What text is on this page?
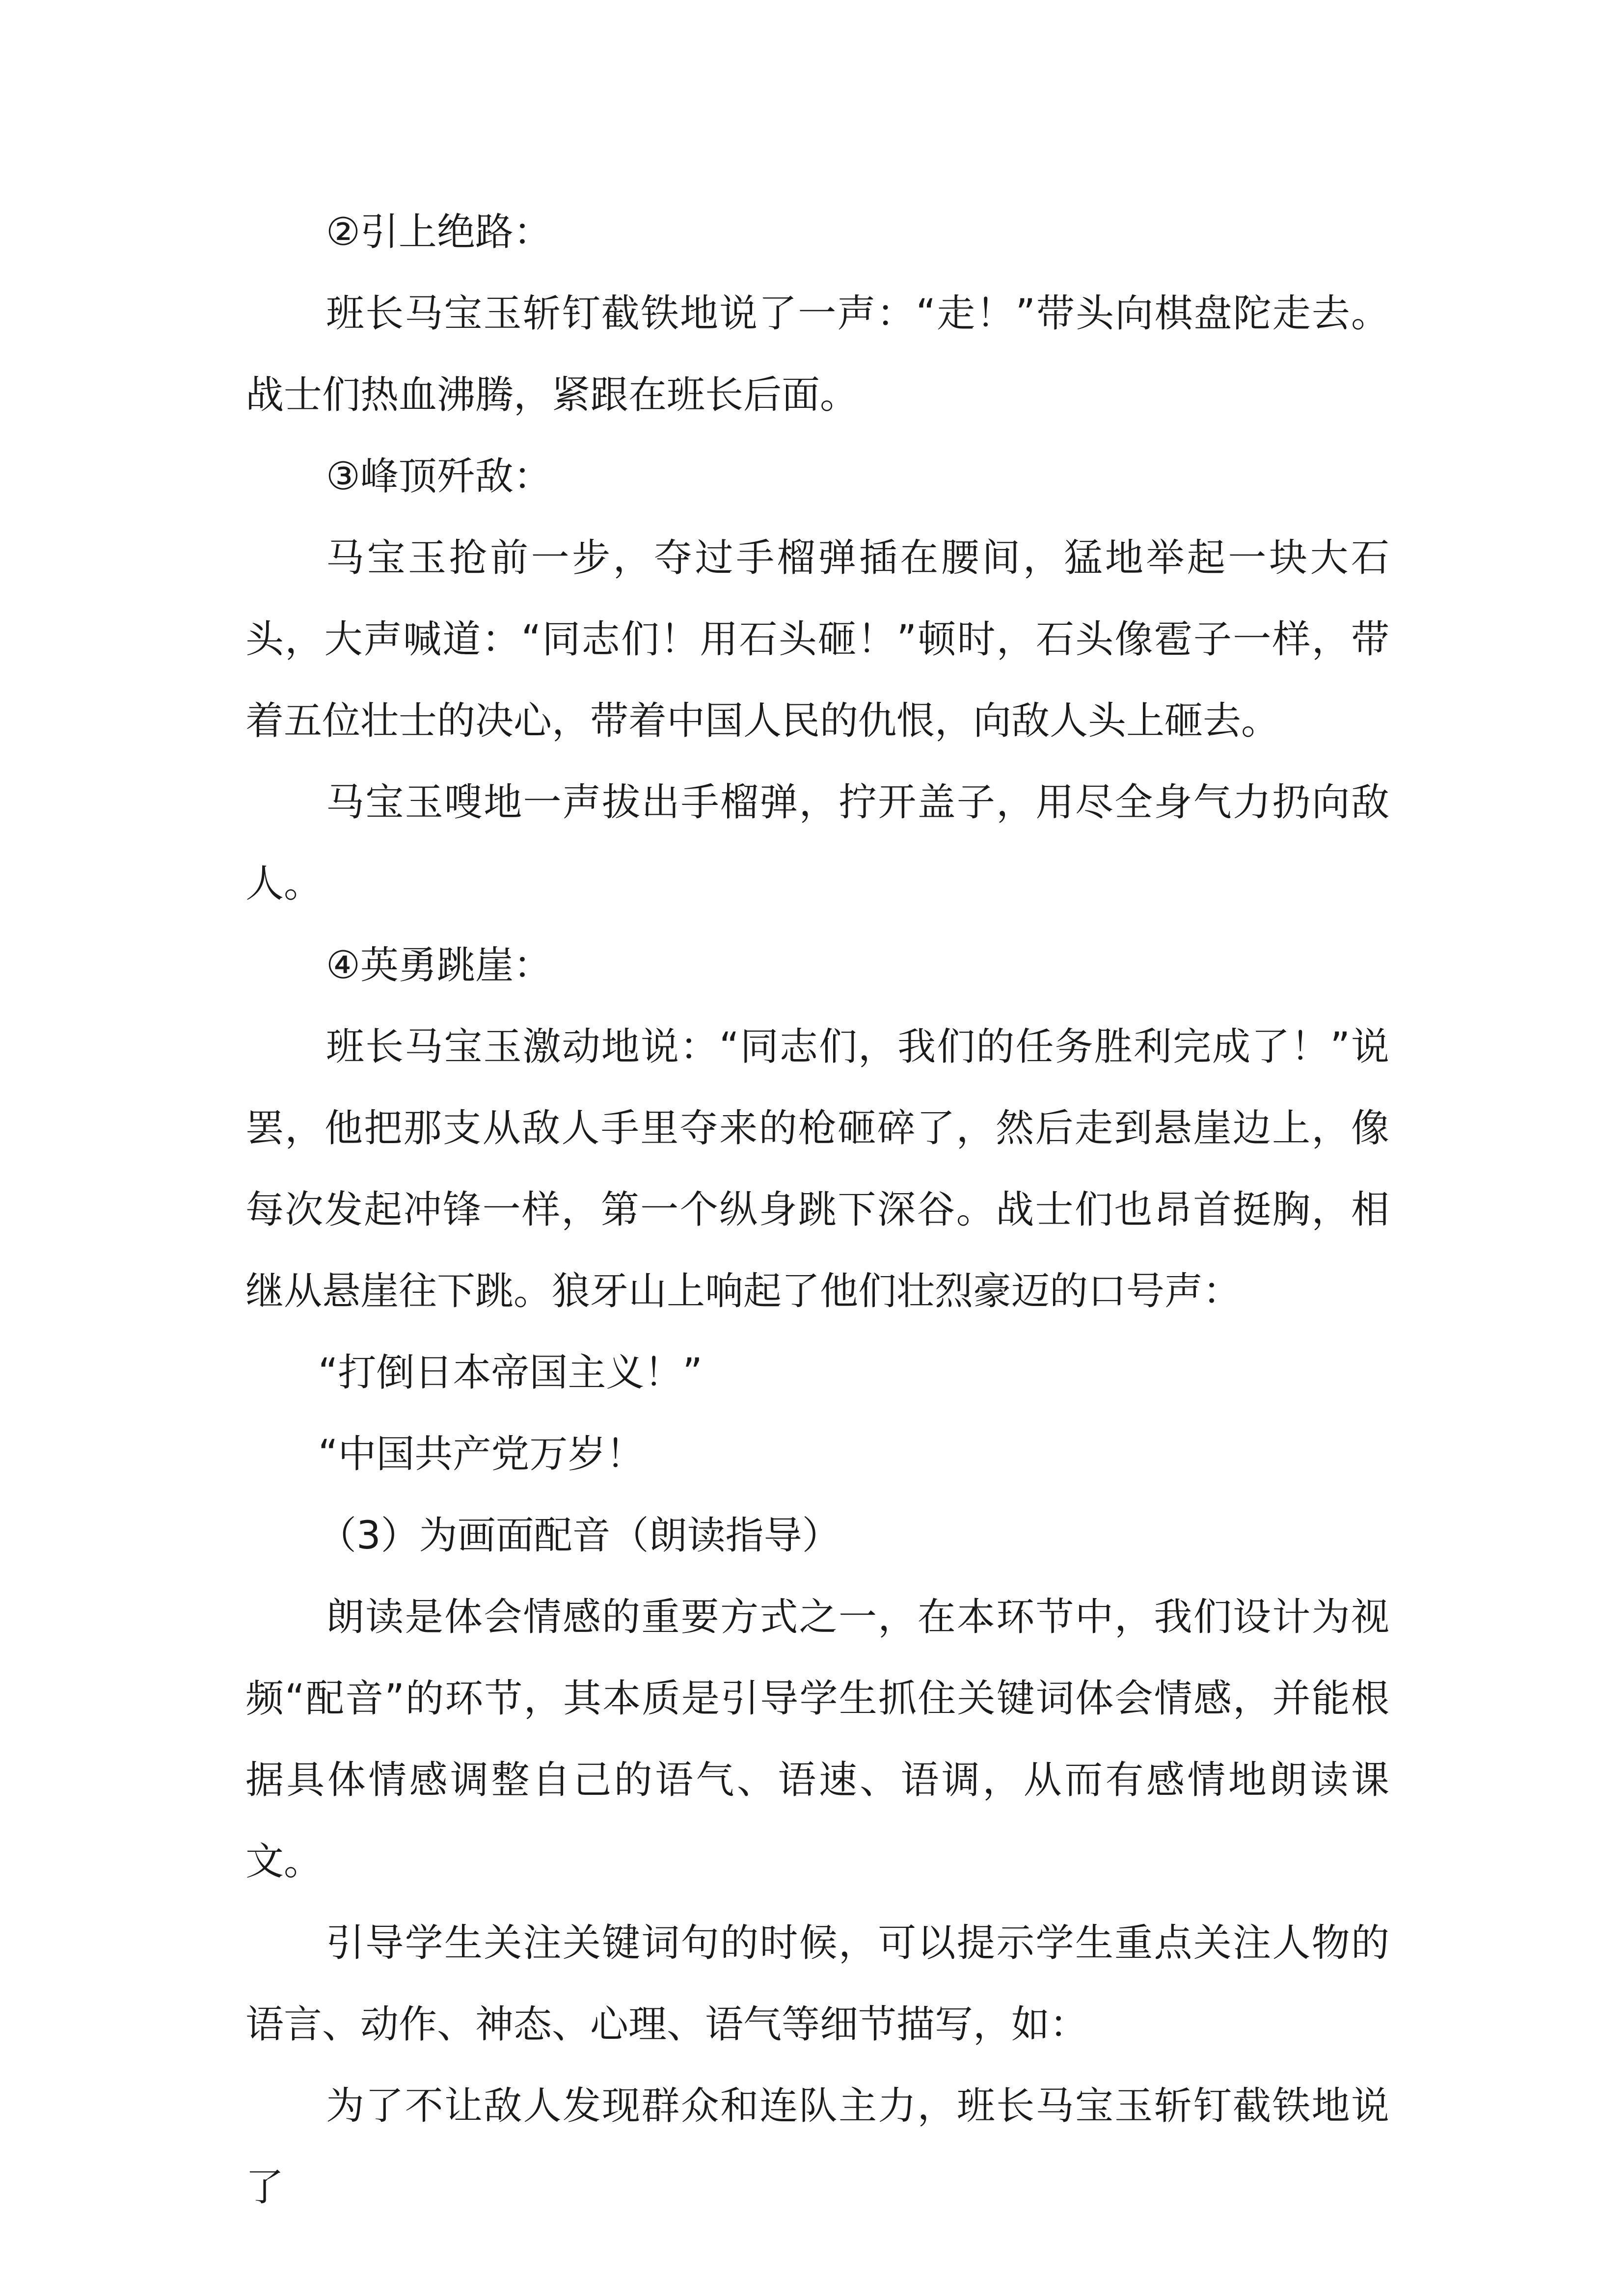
②引上绝路：

班长马宝玉斩钉截铁地说了一声：“走！”带头向棋盘陀走去。战士们热血沸腾，紧跟在班长后面。

③峰顶歼敌：

马宝玉抢前一步，夺过手榴弹插在腰间，猛地举起一块大石头，大声喊道：“同志们！用石头砸！”顿时，石头像雹子一样，带着五位壮士的决心，带着中国人民的仇恨，向敌人头上砸去。

马宝玉嗖地一声拔出手榴弹，拧开盖子，用尽全身气力扔向敌人。

④英勇跳崖：

班长马宝玉激动地说：“同志们，我们的任务胜利完成了！”说罢，他把那支从敌人手里夺来的枪砸碎了，然后走到悬崖边上，像每次发起冲锋一样，第一个纵身跳下深谷。战士们也昂首挺胸，相继从悬崖往下跳。狼牙山上响起了他们壮烈豪迈的口号声：

“打倒日本帝国主义！”

“中国共产党万岁！

（3）为画面配音（朗读指导）

朗读是体会情感的重要方式之一，在本环节中，我们设计为视频“配音”的环节，其本质是引导学生抓住关键词体会情感，并能根据具体情感调整自己的语气、语速、语调，从而有感情地朗读课文。

引导学生关注关键词句的时候，可以提示学生重点关注人物的语言、动作、神态、心理、语气等细节描写，如：

为了不让敌人发现群众和连队主力，班长马宝玉斩钉截铁地说了
